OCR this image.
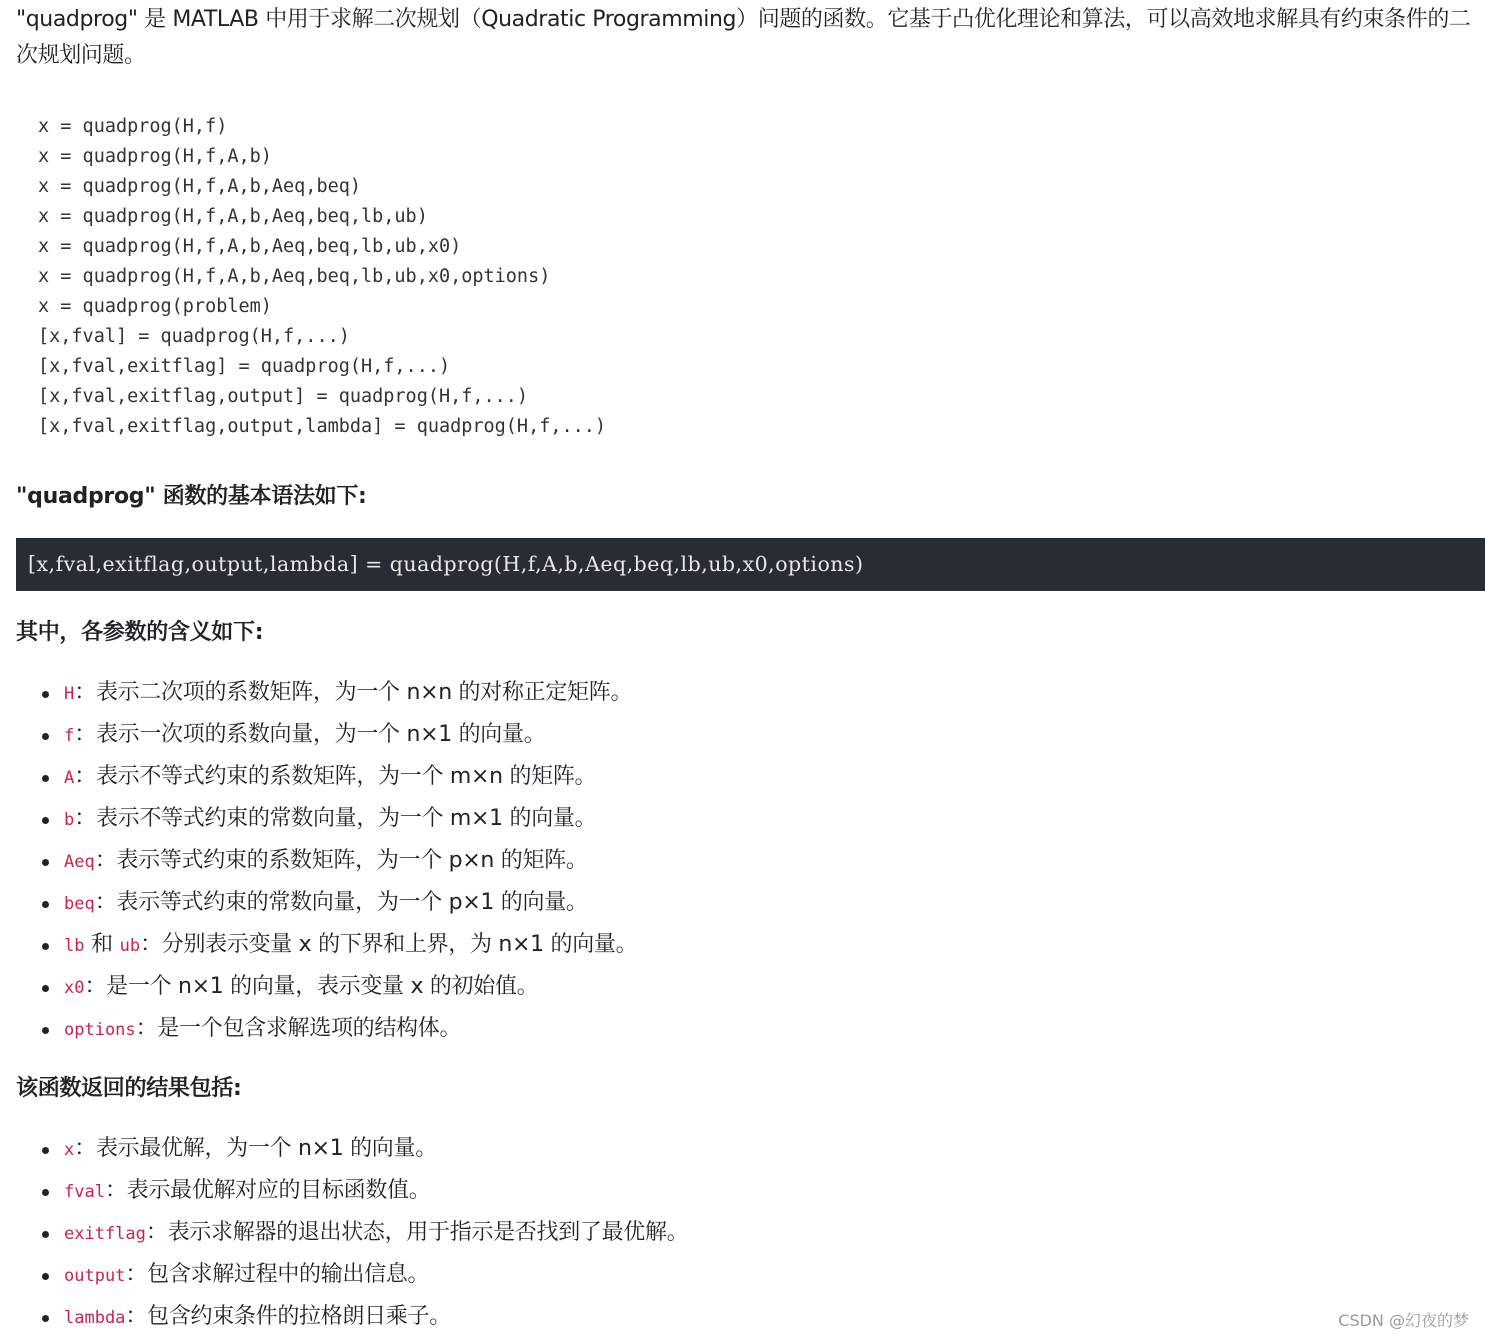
"quadprog" 是 MATLAB 中用于求解二次规划（Quadratic Programming）问题的函数。它基于凸优化理论和算法，可以高效地求解具有约束条件的二次规划问题。

x = quadprog(H,f)
x = quadprog(H,f,A,b)
x = quadprog(H,f,A,b,Aeq,beq)
x = quadprog(H,f,A,b,Aeq,beq,lb,ub)
x = quadprog(H,f,A,b,Aeq,beq,lb,ub,x0)
x = quadprog(H,f,A,b,Aeq,beq,lb,ub,x0,options)
x = quadprog(problem)
[x,fval] = quadprog(H,f,...)
[x,fval,exitflag] = quadprog(H,f,...)
[x,fval,exitflag,output] = quadprog(H,f,...)
[x,fval,exitflag,output,lambda] = quadprog(H,f,...)
"quadprog" 函数的基本语法如下:
[x,fval,exitflag,output,lambda] = quadprog(H,f,A,b,Aeq,beq,lb,ub,x0,options)
其中，各参数的含义如下:
H：表示二次项的系数矩阵，为一个 n×n 的对称正定矩阵。
f：表示一次项的系数向量，为一个 n×1 的向量。
A：表示不等式约束的系数矩阵，为一个 m×n 的矩阵。
b：表示不等式约束的常数向量，为一个 m×1 的向量。
Aeq：表示等式约束的系数矩阵，为一个 p×n 的矩阵。
beq：表示等式约束的常数向量，为一个 p×1 的向量。
lb 和 ub：分别表示变量 x 的下界和上界，为 n×1 的向量。
x0：是一个 n×1 的向量，表示变量 x 的初始值。
options：是一个包含求解选项的结构体。
该函数返回的结果包括:
x：表示最优解，为一个 n×1 的向量。
fval：表示最优解对应的目标函数值。
exitflag：表示求解器的退出状态，用于指示是否找到了最优解。
output：包含求解过程中的输出信息。
lambda：包含约束条件的拉格朗日乘子。	CSDN @幻夜的梦
